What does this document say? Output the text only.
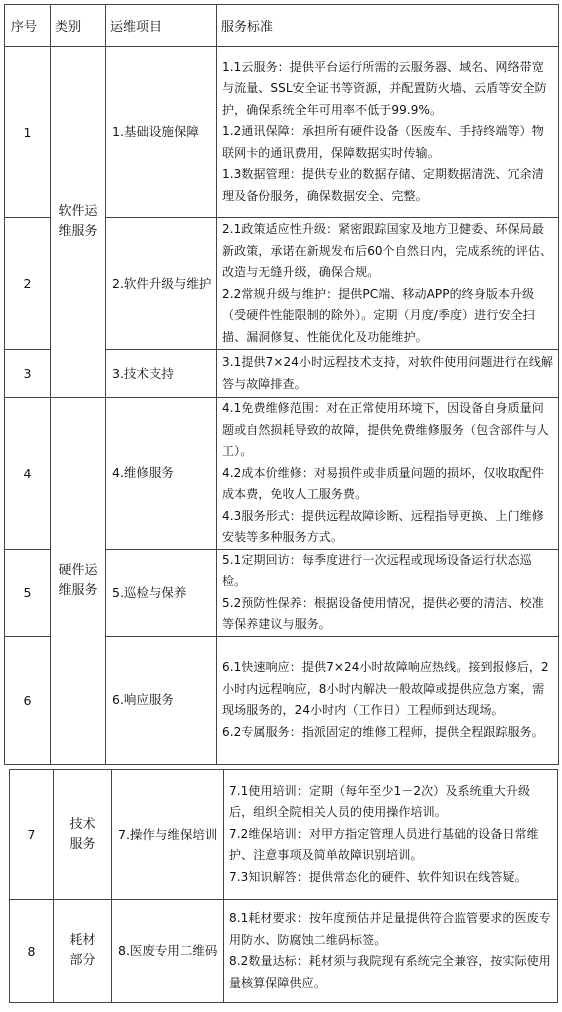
序号	类别	运维项目	服务标准
1	软件运维服务	1.基础设施保障	1.1云服务：提供平台运行所需的云服务器、域名、网络带宽与流量、SSL安全证书等资源，并配置防火墙、云盾等安全防护，确保系统全年可用率不低于99.9%。

1.2通讯保障：承担所有硬件设备（医废车、手持终端等）物联网卡的通讯费用，保障数据实时传输。

1.3数据管理：提供专业的数据存储、定期数据清洗、冗余清理及备份服务，确保数据安全、完整。

2		2.软件升级与维护	2.1政策适应性升级：紧密跟踪国家及地方卫健委、环保局最新政策，承诺在新规发布后60个自然日内，完成系统的评估、改造与无缝升级，确保合规。

2.2常规升级与维护：提供PC端、移动APP的终身版本升级（受硬件性能限制的除外）。定期（月度/季度）进行安全扫描、漏洞修复、性能优化及功能维护。

3		3.技术支持	3.1提供7×24小时远程技术支持，对软件使用问题进行在线解答与故障排查。

4	硬件运维服务	4.维修服务	4.1免费维修范围：对在正常使用环境下，因设备自身质量问题或自然损耗导致的故障，提供免费维修服务（包含部件与人工）。

4.2成本价维修：对易损件或非质量问题的损坏，仅收取配件成本费，免收人工服务费。

4.3服务形式：提供远程故障诊断、远程指导更换、上门维修安装等多种服务方式。

5		5.巡检与保养	5.1定期回访：每季度进行一次远程或现场设备运行状态巡检。

5.2预防性保养：根据设备使用情况，提供必要的清洁、校准等保养建议与服务。

6		6.响应服务	6.1快速响应：提供7×24小时故障响应热线。接到报修后，2小时内远程响应，8小时内解决一般故障或提供应急方案，需现场服务的，24小时内（工作日）工程师到达现场。

6.2专属服务：指派固定的维修工程师，提供全程跟踪服务。

7	技术服务	7.操作与维保培训	7.1使用培训：定期（每年至少1－2次）及系统重大升级后，组织全院相关人员的使用操作培训。

7.2维保培训：对甲方指定管理人员进行基础的设备日常维护、注意事项及简单故障识别培训。

7.3知识解答：提供常态化的硬件、软件知识在线答疑。

8	耗材部分	8.医废专用二维码	8.1耗材要求：按年度预估并足量提供符合监管要求的医废专用防水、防腐蚀二维码标签。

8.2数量达标：耗材须与我院现有系统完全兼容，按实际使用量核算保障供应。
